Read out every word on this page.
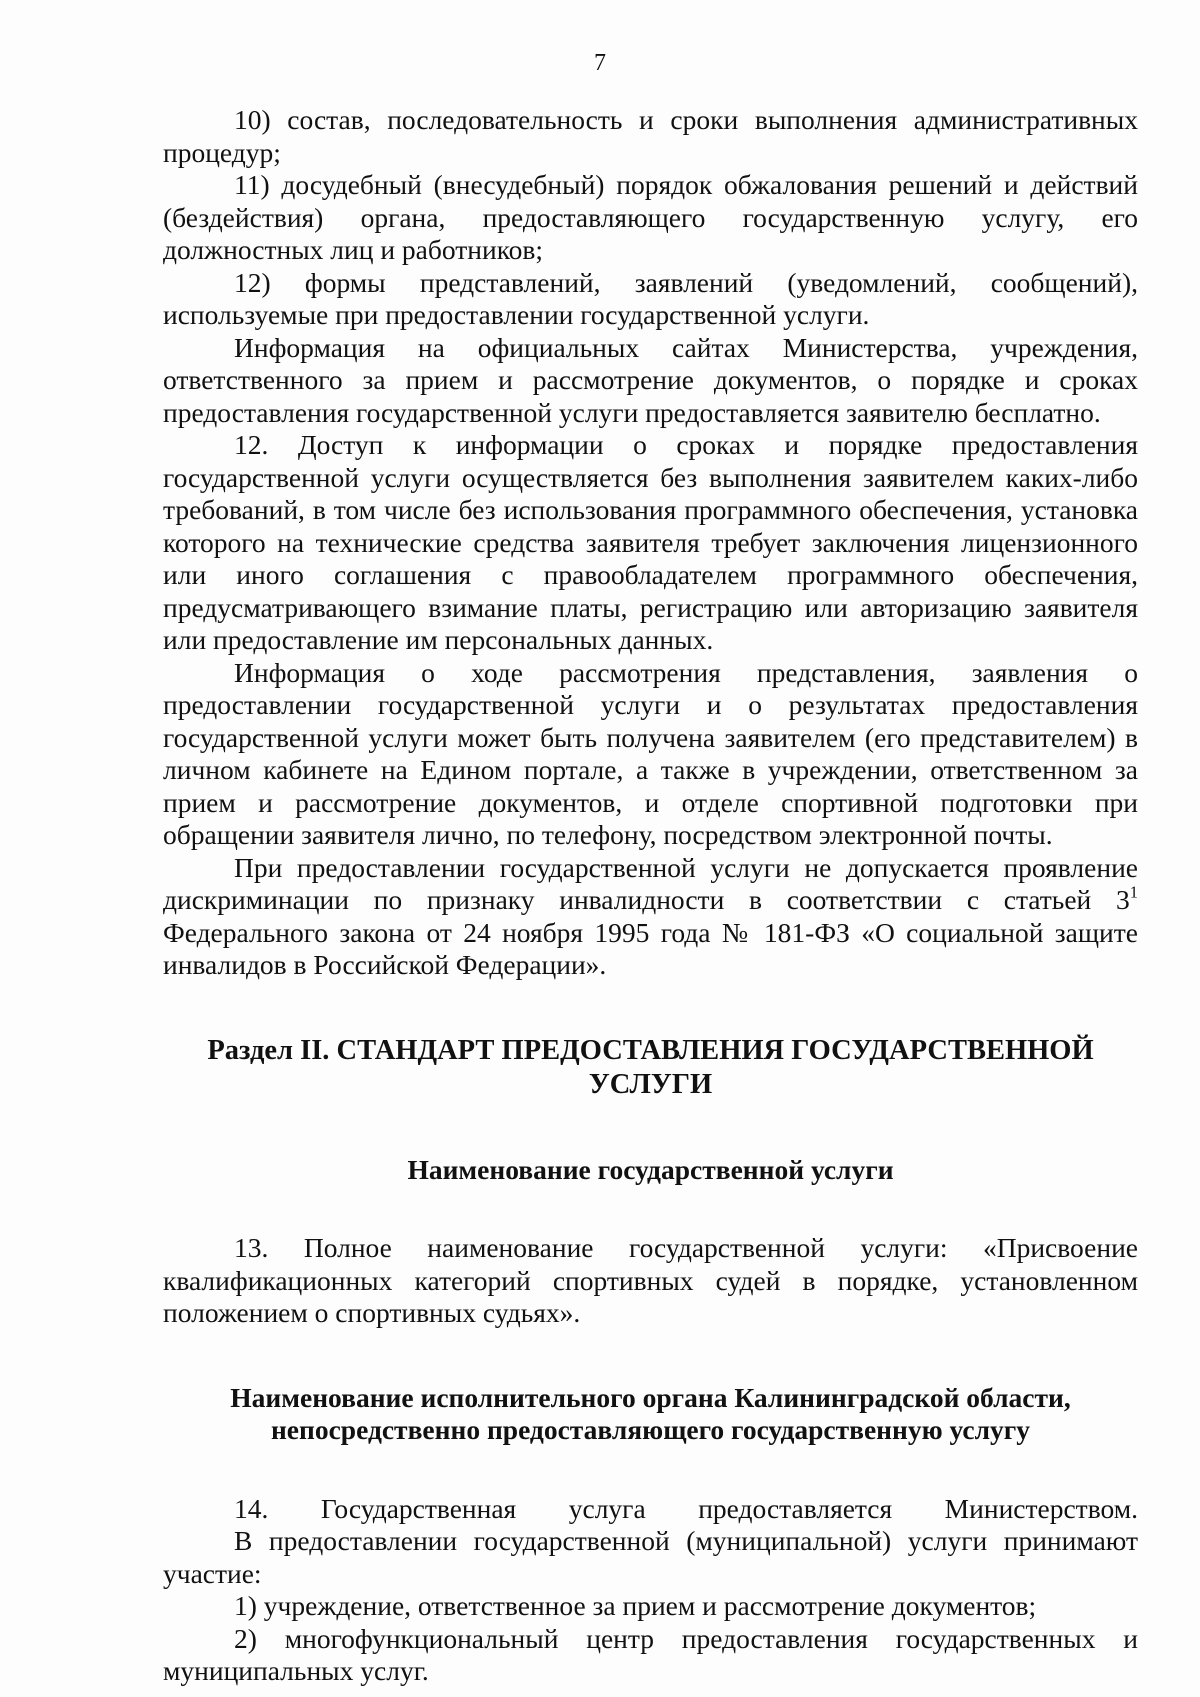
7

10) состав, последовательность и сроки выполнения административных процедур;

11) досудебный (внесудебный) порядок обжалования решений и действий (бездействия) органа, предоставляющего государственную услугу, его должностных лиц и работников;

12) формы представлений, заявлений (уведомлений, сообщений), используемые при предоставлении государственной услуги.

Информация на официальных сайтах Министерства, учреждения, ответственного за прием и рассмотрение документов, о порядке и сроках предоставления государственной услуги предоставляется заявителю бесплатно.

12. Доступ к информации о сроках и порядке предоставления государственной услуги осуществляется без выполнения заявителем каких-либо требований, в том числе без использования программного обеспечения, установка которого на технические средства заявителя требует заключения лицензионного или иного соглашения с правообладателем программного обеспечения, предусматривающего взимание платы, регистрацию или авторизацию заявителя или предоставление им персональных данных.

Информация о ходе рассмотрения представления, заявления о предоставлении государственной услуги и о результатах предоставления государственной услуги может быть получена заявителем (его представителем) в личном кабинете на Едином портале, а также в учреждении, ответственном за прием и рассмотрение документов, и отделе спортивной подготовки при обращении заявителя лично, по телефону, посредством электронной почты.

При предоставлении государственной услуги не допускается проявление дискриминации по признаку инвалидности в соответствии с статьей $3^1$ Федерального закона от 24 ноября 1995 года № 181-ФЗ «О социальной защите инвалидов в Российской Федерации».

Раздел II. СТАНДАРТ ПРЕДОСТАВЛЕНИЯ ГОСУДАРСТВЕННОЙ
УСЛУГИ

Наименование государственной услуги

13. Полное наименование государственной услуги: «Присвоение квалификационных категорий спортивных судей в порядке, установленном положением о спортивных судьях».

Наименование исполнительного органа Калининградской области,
непосредственно предоставляющего государственную услугу

14. Государственная услуга предоставляется Министерством.

В предоставлении государственной (муниципальной) услуги принимают участие:

1) учреждение, ответственное за прием и рассмотрение документов;

2) многофункциональный центр предоставления государственных и муниципальных услуг.
